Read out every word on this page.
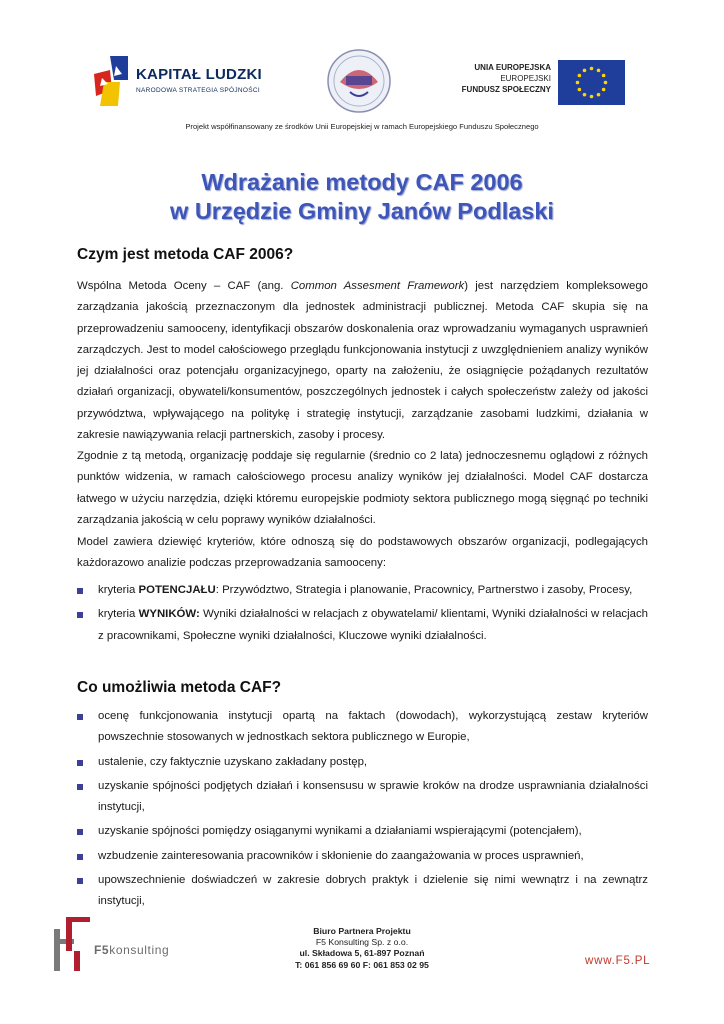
KAPITAŁ LUDZKI
NARODOWA STRATEGIA SPÓJNOŚCI
UNIA EUROPEJSKA
EUROPEJSKI
FUNDUSZ SPOŁECZNY
Projekt współfinansowany ze środków Unii Europejskiej w ramach Europejskiego Funduszu Społecznego
Wdrażanie metody CAF 2006
w Urzędzie Gminy Janów Podlaski
Czym jest metoda CAF 2006?
Wspólna Metoda Oceny – CAF (ang. Common Assesment Framework) jest narzędziem kompleksowego zarządzania jakością przeznaczonym dla jednostek administracji publicznej. Metoda CAF skupia się na przeprowadzeniu samooceny, identyfikacji obszarów doskonalenia oraz wprowadzaniu wymaganych usprawnień zarządczych. Jest to model całościowego przeglądu funkcjonowania instytucji z uwzględnieniem analizy wyników jej działalności oraz potencjału organizacyjnego, oparty na założeniu, że osiągnięcie pożądanych rezultatów działań organizacji, obywateli/konsumentów, poszczególnych jednostek i całych społeczeństw zależy od jakości przywództwa, wpływającego na politykę i strategię instytucji, zarządzanie zasobami ludzkimi, działania w zakresie nawiązywania relacji partnerskich, zasoby i procesy.
Zgodnie z tą metodą, organizację poddaje się regularnie (średnio co 2 lata) jednoczesnemu oglądowi z różnych punktów widzenia, w ramach całościowego procesu analizy wyników jej działalności. Model CAF dostarcza łatwego w użyciu narzędzia, dzięki któremu europejskie podmioty sektora publicznego mogą sięgnąć po techniki zarządzania jakością w celu poprawy wyników działalności.
Model zawiera dziewięć kryteriów, które odnoszą się do podstawowych obszarów organizacji, podlegających każdorazowo analizie podczas przeprowadzania samooceny:
kryteria POTENCJAŁU: Przywództwo, Strategia i planowanie, Pracownicy, Partnerstwo i zasoby, Procesy,
kryteria WYNIKÓW: Wyniki działalności w relacjach z obywatelami/ klientami, Wyniki działalności w relacjach z pracownikami, Społeczne wyniki działalności, Kluczowe wyniki działalności.
Co umożliwia metoda CAF?
ocenę funkcjonowania instytucji opartą na faktach (dowodach), wykorzystującą zestaw kryteriów powszechnie stosowanych w jednostkach sektora publicznego w Europie,
ustalenie, czy faktycznie uzyskano zakładany postęp,
uzyskanie spójności podjętych działań i konsensusu w sprawie kroków na drodze usprawniania działalności instytucji,
uzyskanie spójności pomiędzy osiąganymi wynikami a działaniami wspierającymi (potencjałem),
wzbudzenie zainteresowania pracowników i skłonienie do zaangażowania w proces usprawnień,
upowszechnienie doświadczeń w zakresie dobrych praktyk i dzielenie się nimi wewnątrz i na zewnątrz instytucji,
F5konsulting
Biuro Partnera Projektu
F5 Konsulting Sp. z o.o.
ul. Składowa 5, 61-897 Poznań
T: 061 856 69 60 F: 061 853 02 95	www.F5.PL
